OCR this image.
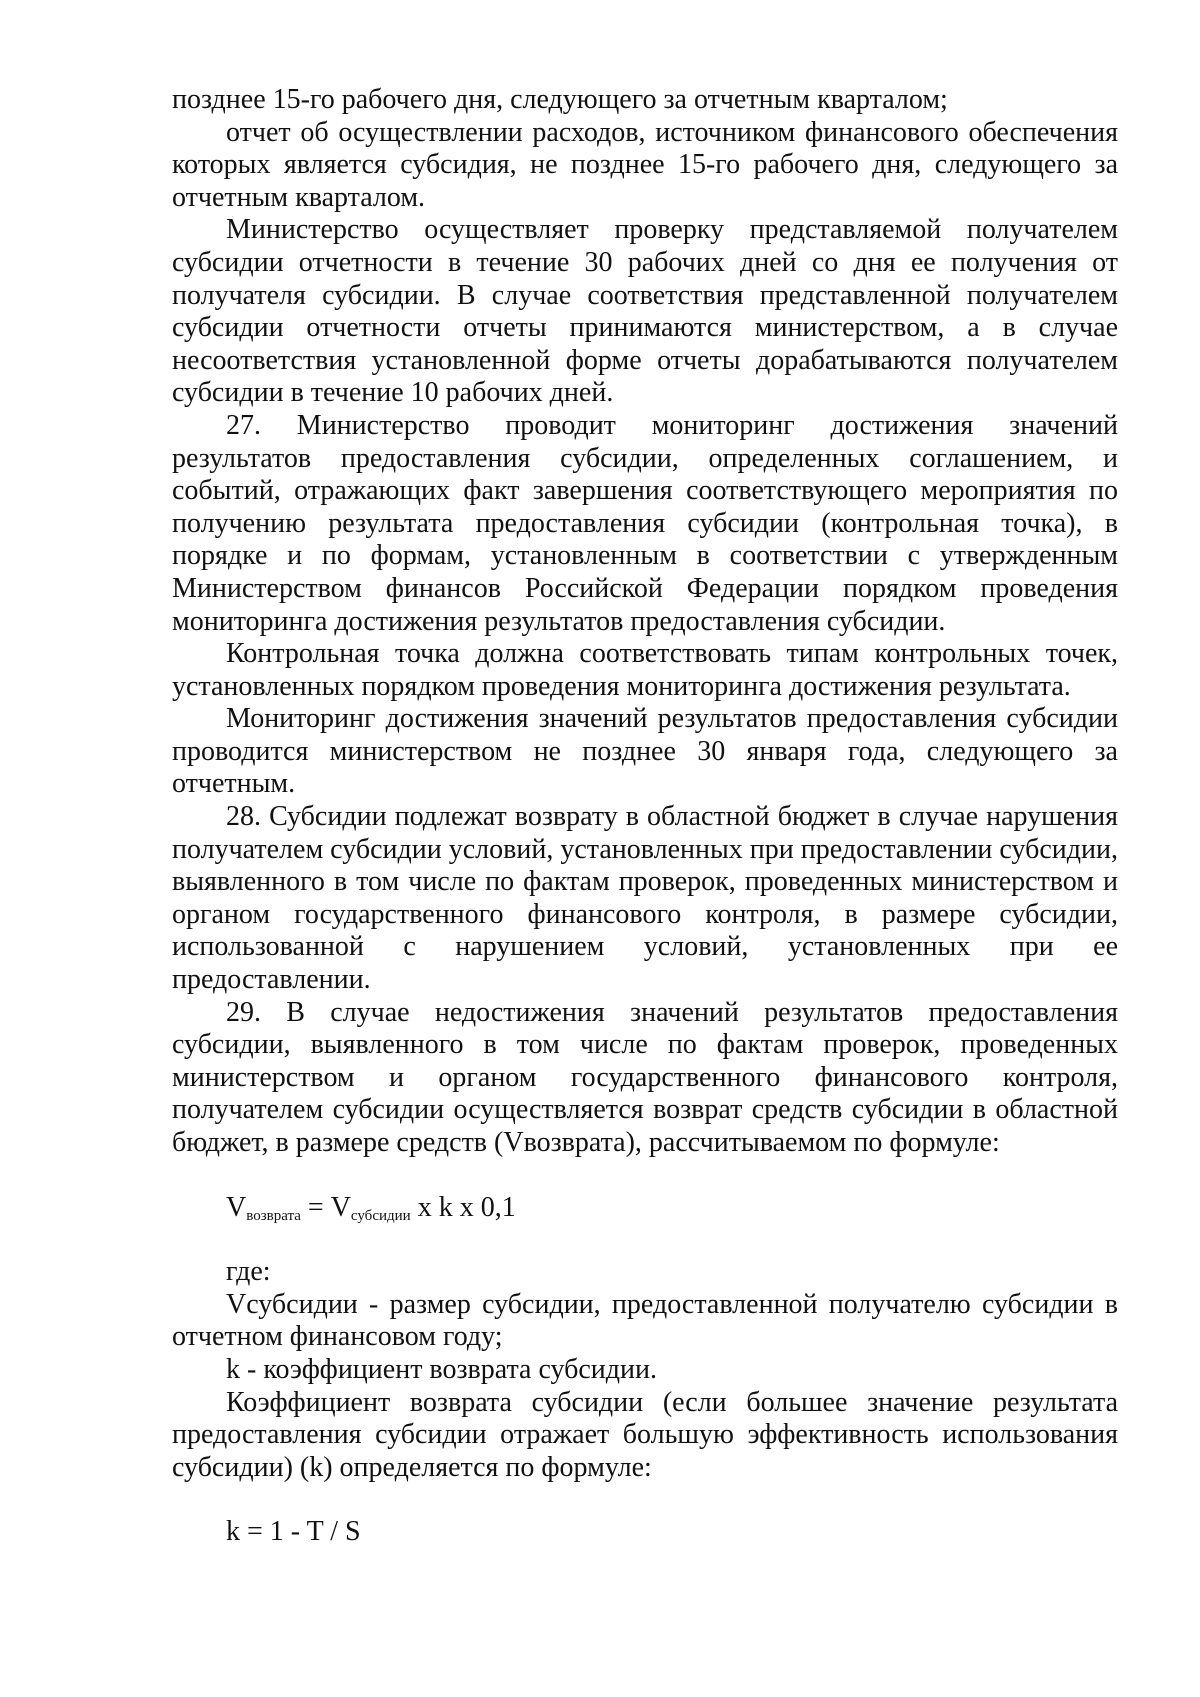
позднее 15-го рабочего дня, следующего за отчетным кварталом;

отчет об осуществлении расходов, источником финансового обеспечения которых является субсидия, не позднее 15-го рабочего дня, следующего за отчетным кварталом.

Министерство осуществляет проверку представляемой получателем субсидии отчетности в течение 30 рабочих дней со дня ее получения от получателя субсидии. В случае соответствия представленной получателем субсидии отчетности отчеты принимаются министерством, а в случае несоответствия установленной форме отчеты дорабатываются получателем субсидии в течение 10 рабочих дней.

27. Министерство проводит мониторинг достижения значений результатов предоставления субсидии, определенных соглашением, и событий, отражающих факт завершения соответствующего мероприятия по получению результата предоставления субсидии (контрольная точка), в порядке и по формам, установленным в соответствии с утвержденным Министерством финансов Российской Федерации порядком проведения мониторинга достижения результатов предоставления субсидии.

Контрольная точка должна соответствовать типам контрольных точек, установленных порядком проведения мониторинга достижения результата.

Мониторинг достижения значений результатов предоставления субсидии проводится министерством не позднее 30 января года, следующего за отчетным.

28. Субсидии подлежат возврату в областной бюджет в случае нарушения получателем субсидии условий, установленных при предоставлении субсидии, выявленного в том числе по фактам проверок, проведенных министерством и органом государственного финансового контроля, в размере субсидии, использованной с нарушением условий, установленных при ее предоставлении.

29. В случае недостижения значений результатов предоставления субсидии, выявленного в том числе по фактам проверок, проведенных министерством и органом государственного финансового контроля, получателем субсидии осуществляется возврат средств субсидии в областной бюджет, в размере средств (Vвозврата), рассчитываемом по формуле:

$V_{возврата} = V_{субсидии}$ x k x 0,1
где:

Vсубсидии - размер субсидии, предоставленной получателю субсидии в отчетном финансовом году;

k - коэффициент возврата субсидии.

Коэффициент возврата субсидии (если большее значение результата предоставления субсидии отражает большую эффективность использования субсидии) (k) определяется по формуле:

k = 1 - T / S
